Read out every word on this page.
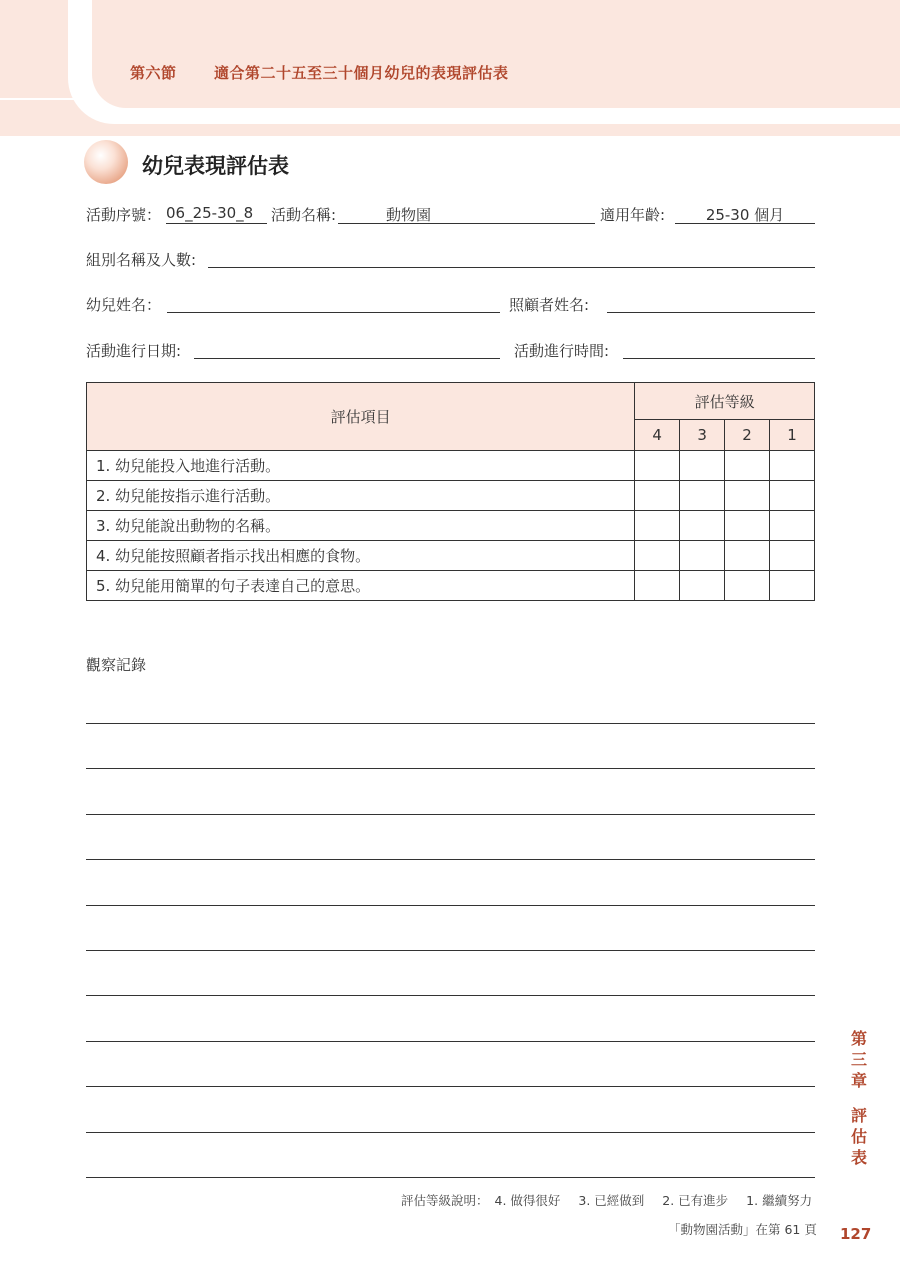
第六節 適合第二十五至三十個月幼兒的表現評估表
幼兒表現評估表
活動序號： 06_25-30_8	活動名稱:	動物園	適用年齡:	25-30 個月
組別名稱及人數:
幼兒姓名：	照顧者姓名:
活動進行日期:	活動進行時間:
評估項目	評估等級			
	4	3	2	1
1. 幼兒能投入地進行活動。				
2. 幼兒能按指示進行活動。				
3. 幼兒能說出動物的名稱。				
4. 幼兒能按照顧者指示找出相應的食物。				
5. 幼兒能用簡單的句子表達自己的意思。				
觀察記錄
第
三
章
評
估
表
評估等級說明： 4. 做得很好 3. 已經做到 2. 已有進步 1. 繼續努力
「動物園活動」在第 61 頁 127
